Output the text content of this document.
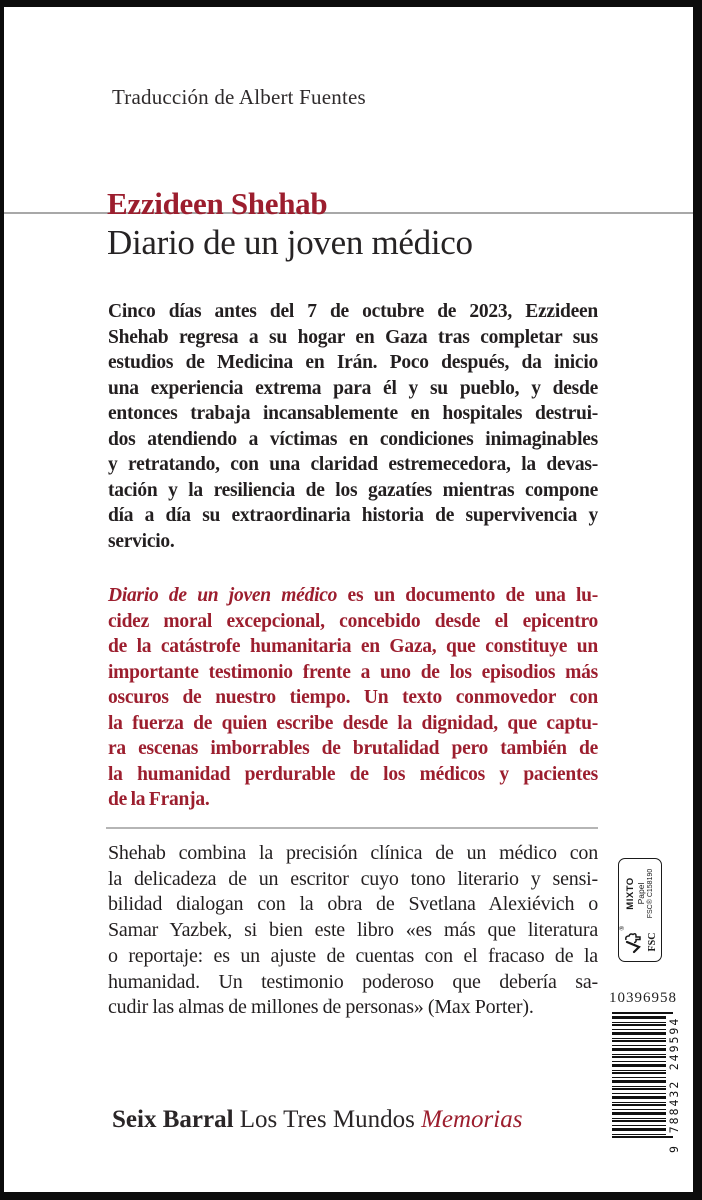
Traducción de Albert Fuentes
Ezzideen Shehab
Diario de un joven médico
Cinco días antes del 7 de octubre de 2023, Ezzideen
Shehab regresa a su hogar en Gaza tras completar sus
estudios de Medicina en Irán. Poco después, da inicio
una experiencia extrema para él y su pueblo, y desde
entonces trabaja incansablemente en hospitales destrui-
dos atendiendo a víctimas en condiciones inimaginables
y retratando, con una claridad estremecedora, la devas-
tación y la resiliencia de los gazatíes mientras compone
día a día su extraordinaria historia de supervivencia y
servicio.
Diario de un joven médico es un documento de una lu-
cidez moral excepcional, concebido desde el epicentro
de la catástrofe humanitaria en Gaza, que constituye un
importante testimonio frente a uno de los episodios más
oscuros de nuestro tiempo. Un texto conmovedor con
la fuerza de quien escribe desde la dignidad, que captu-
ra escenas imborrables de brutalidad pero también de
la humanidad perdurable de los médicos y pacientes
de la Franja.
Shehab combina la precisión clínica de un médico con
la delicadeza de un escritor cuyo tono literario y sensi-
bilidad dialogan con la obra de Svetlana Alexiévich o
Samar Yazbek, si bien este libro «es más que literatura
o reportaje: es un ajuste de cuentas con el fracaso de la
humanidad. Un testimonio poderoso que debería sa-
cudir las almas de millones de personas» (Max Porter).
Seix Barral Los Tres Mundos Memorias
®
FSC
MIXTO Papel FSC® C158190
10396958
9
788432
249594
